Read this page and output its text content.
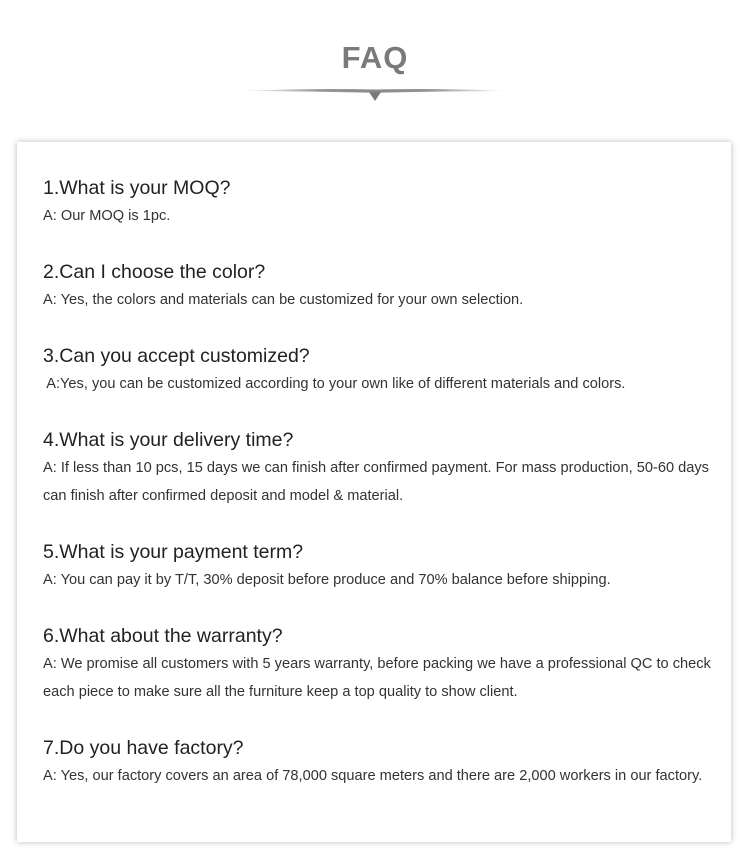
FAQ

1.What is your MOQ?

A: Our MOQ is 1pc.

2.Can I choose the color?

A: Yes, the colors and materials can be customized for your own selection.

3.Can you accept customized?

A:Yes, you can be customized according to your own like of different materials and colors.

4.What is your delivery time?

A: If less than 10 pcs, 15 days we can finish after confirmed payment. For mass production, 50-60 days can finish after confirmed deposit and model & material.

5.What is your payment term?

A: You can pay it by T/T, 30% deposit before produce and 70% balance before shipping.

6.What about the warranty?

A: We promise all customers with 5 years warranty, before packing we have a professional QC to check each piece to make sure all the furniture keep a top quality to show client.

7.Do you have factory?

A: Yes, our factory covers an area of 78,000 square meters and there are 2,000 workers in our factory.
